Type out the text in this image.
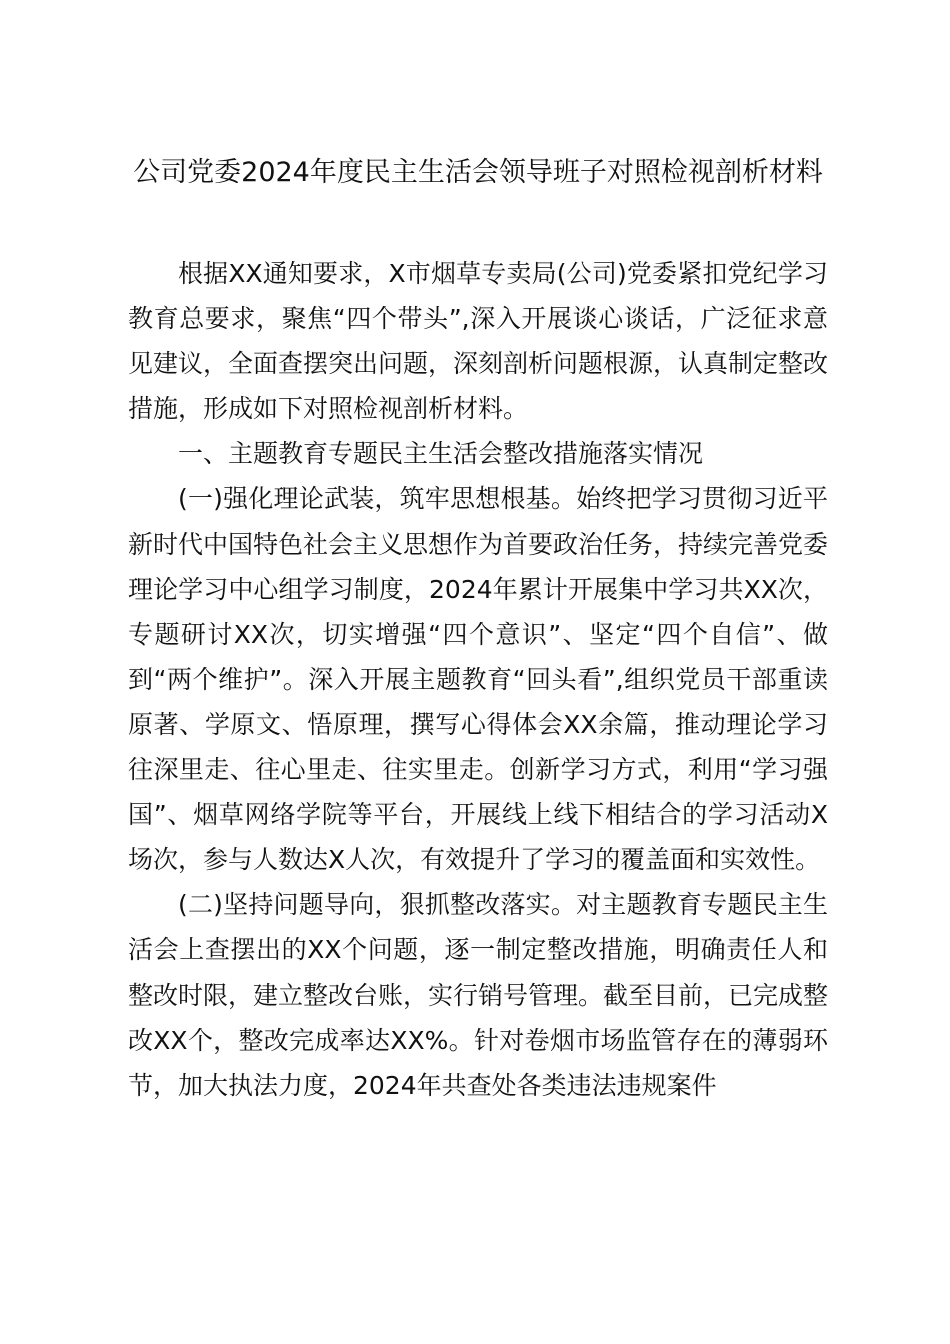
公司党委2024年度民主生活会领导班子对照检视剖析材料

根据XX通知要求，X市烟草专卖局(公司)党委紧扣党纪学习教育总要求，聚焦“四个带头”,深入开展谈心谈话，广泛征求意见建议，全面查摆突出问题，深刻剖析问题根源，认真制定整改措施，形成如下对照检视剖析材料。

一、主题教育专题民主生活会整改措施落实情况

(一)强化理论武装，筑牢思想根基。始终把学习贯彻习近平新时代中国特色社会主义思想作为首要政治任务，持续完善党委理论学习中心组学习制度，2024年累计开展集中学习共XX次，专题研讨XX次，切实增强“四个意识”、坚定“四个自信”、做到“两个维护”。深入开展主题教育“回头看”,组织党员干部重读原著、学原文、悟原理，撰写心得体会XX余篇，推动理论学习往深里走、往心里走、往实里走。创新学习方式，利用“学习强国”、烟草网络学院等平台，开展线上线下相结合的学习活动X场次，参与人数达X人次，有效提升了学习的覆盖面和实效性。

(二)坚持问题导向，狠抓整改落实。对主题教育专题民主生活会上查摆出的XX个问题，逐一制定整改措施，明确责任人和整改时限，建立整改台账，实行销号管理。截至目前，已完成整改XX个，整改完成率达XX%。针对卷烟市场监管存在的薄弱环节，加大执法力度，2024年共查处各类违法违规案件
